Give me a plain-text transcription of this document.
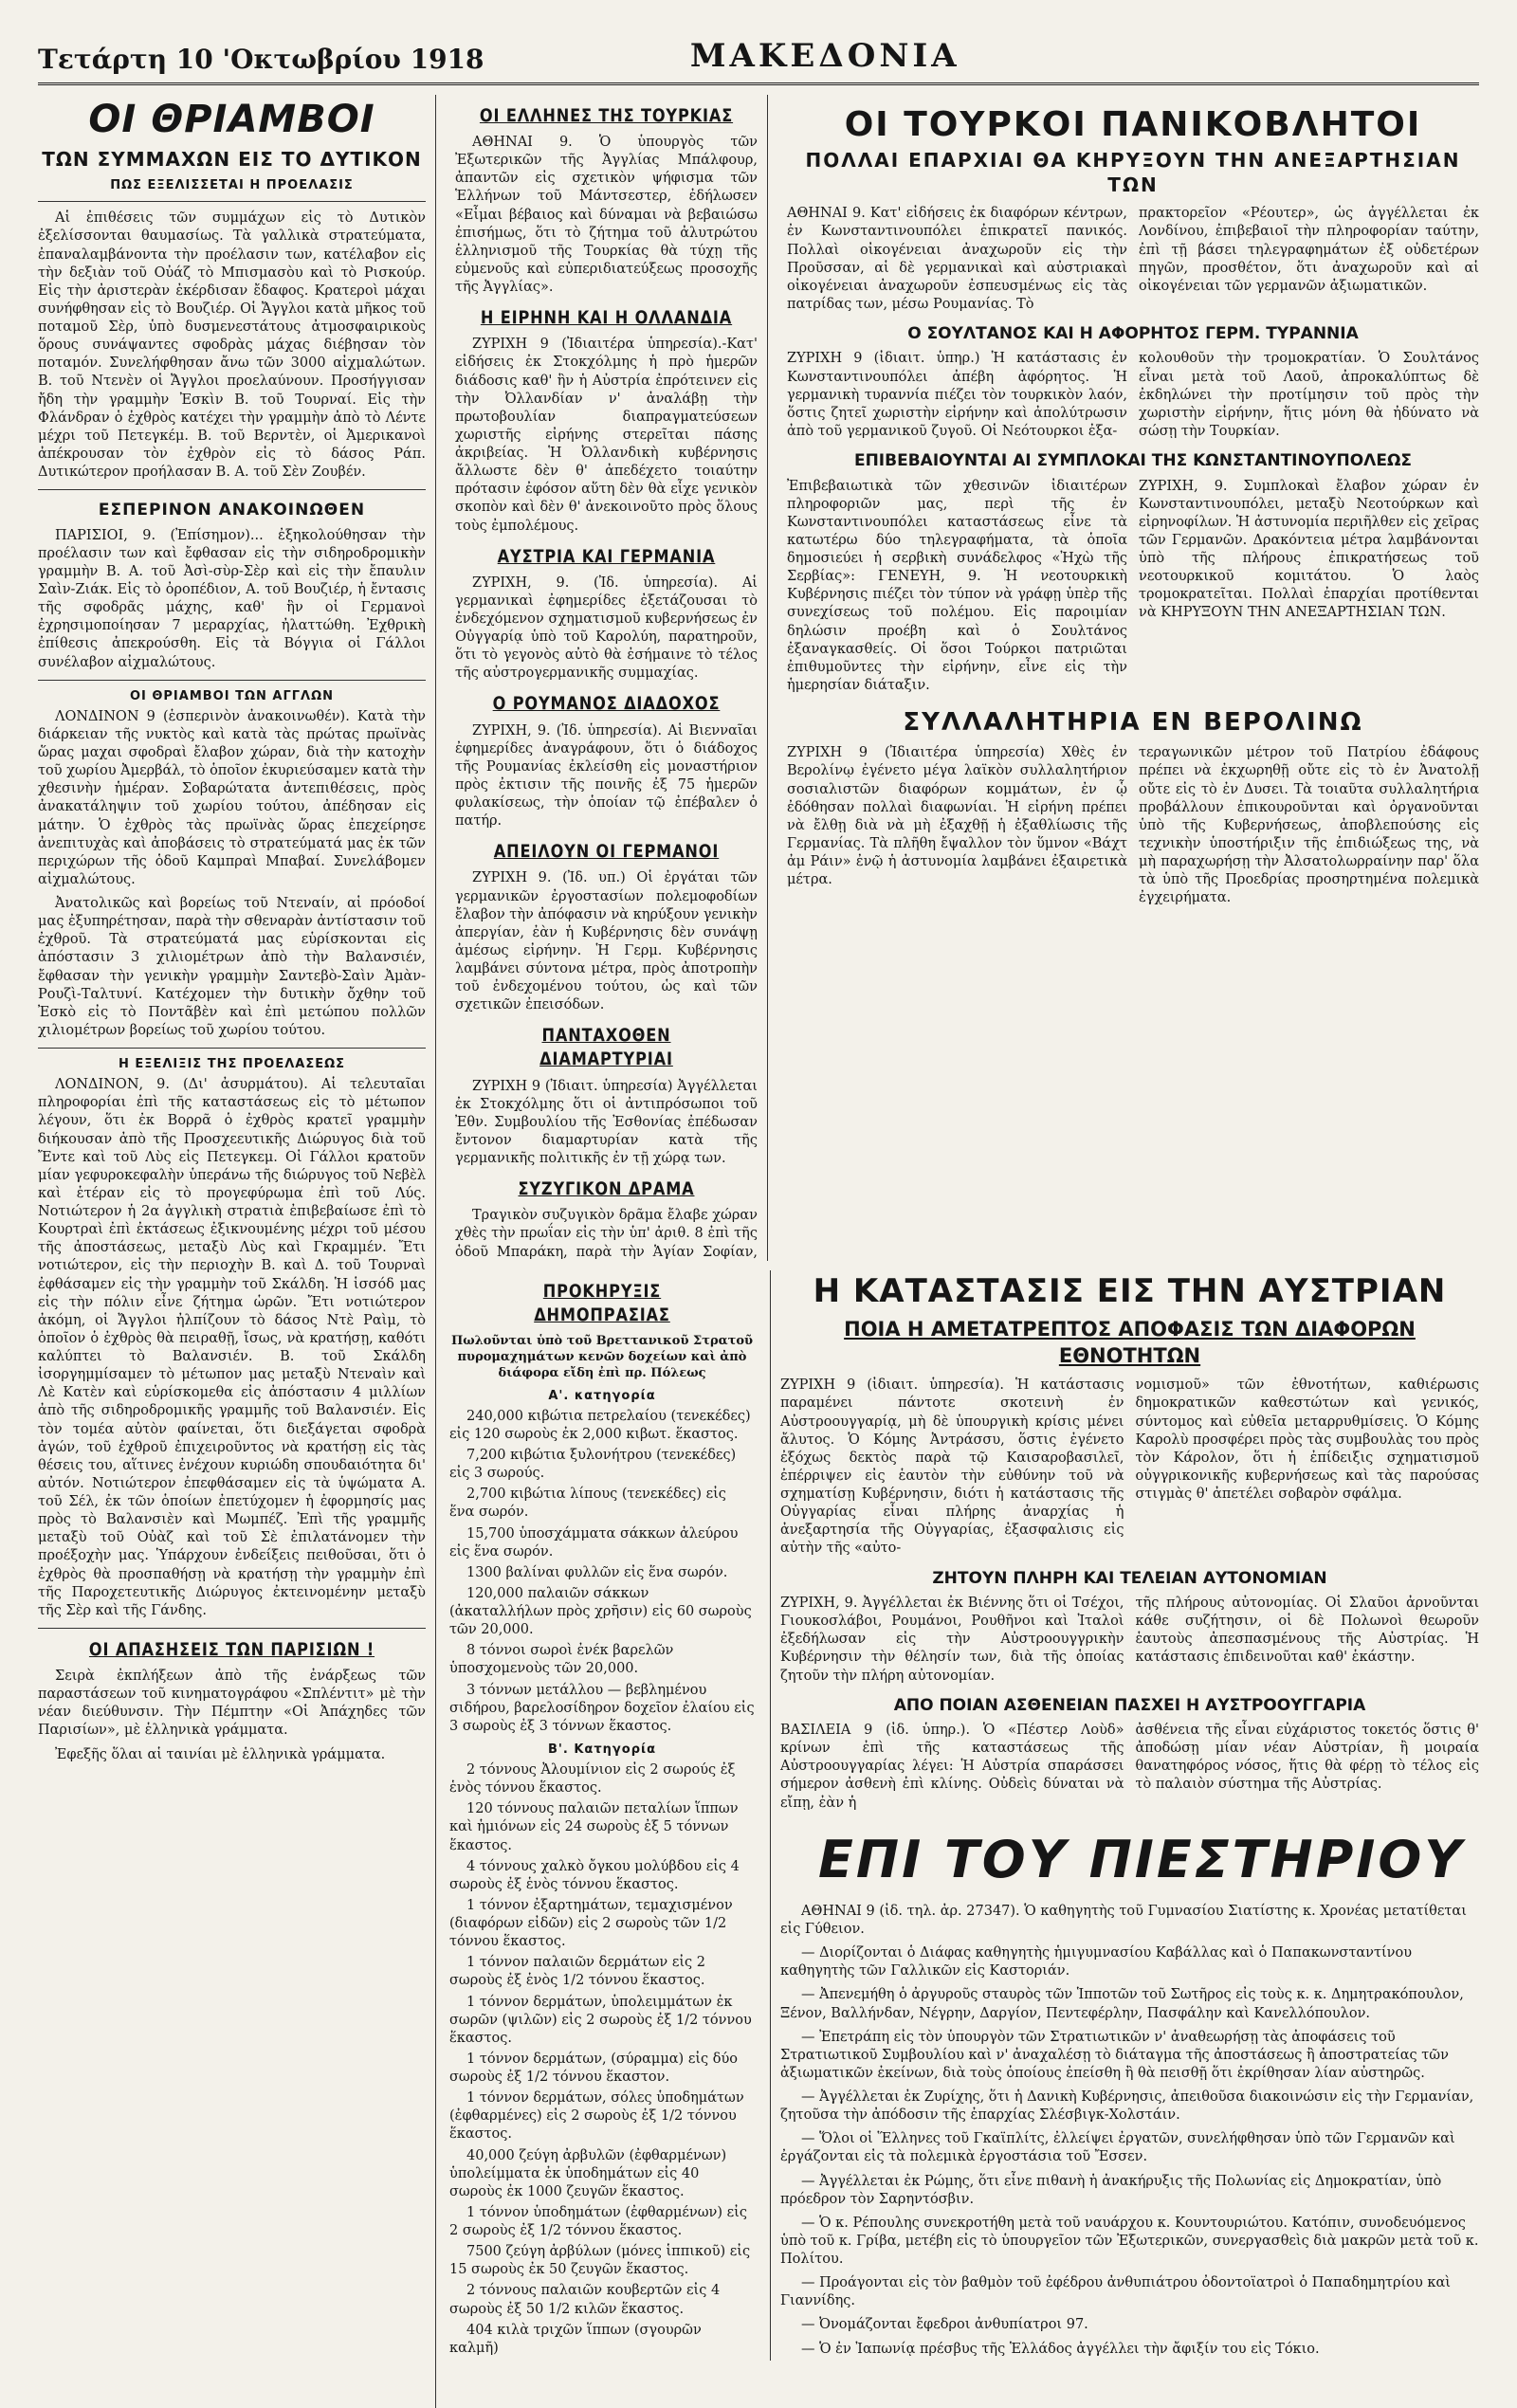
Τετάρτη 10 'Οκτωβρίου 1918	ΜΑΚΕΔΟΝΙΑ
ΟΙ ΘΡΙΑΜΒΟΙ
ΤΩΝ ΣΥΜΜΑΧΩΝ ΕΙΣ ΤΟ ΔΥΤΙΚΟΝ
ΠΩΣ ΕΞΕΛΙΣΣΕΤΑΙ Η ΠΡΟΕΛΑΣΙΣ

Αἱ ἐπιθέσεις τῶν συμμάχων εἰς τὸ Δυτικὸν ἐξελίσσονται θαυμασίως. Τὰ γαλλικὰ στρατεύματα, ἐπαναλαμβάνοντα τὴν προέλασιν των, κατέλαβον εἰς τὴν δεξιὰν τοῦ Οὐάζ τὸ Μπισμασὸυ καὶ τὸ Ρισκούρ. Εἰς τὴν ἀριστερὰν ἐκέρδισαν ἔδαφος. Κρατεροὶ μάχαι συνήφθησαν εἰς τὸ Βουζιέρ. Οἱ Ἄγγλοι κατὰ μῆκος τοῦ ποταμοῦ Σὲρ, ὑπὸ δυσμενεστάτους ἀτμοσφαιρικοὺς ὅρους συνάψαντες σφοδρὰς μάχας διέβησαν τὸν ποταμόν. Συνελήφθησαν ἄνω τῶν 3000 αἰχμαλώτων. Β. τοῦ Ντενὲν οἱ Ἄγγλοι προελαύνουν. Προσήγγισαν ἤδη τὴν γραμμὴν Ἐσκὶν Β. τοῦ Τουρναί. Εἰς τὴν Φλάνδραν ὁ ἐχθρὸς κατέχει τὴν γραμμὴν ἀπὸ τὸ Λέντε μέχρι τοῦ Πετεγκέμ. Β. τοῦ Βερντὲν, οἱ Ἀμερικανοὶ ἀπέκρουσαν τὸν ἐχθρὸν εἰς τὸ δάσος Ράπ. Δυτικώτερον προήλασαν Β. Α. τοῦ Σὲν Ζουβέν.

ΕΣΠΕΡΙΝΟΝ ΑΝΑΚΟΙΝΩΘΕΝ

ΠΑΡΙΣΙΟΙ, 9. (Ἐπίσημον)... ἐξηκολούθησαν τὴν προέλασιν των καὶ ἔφθασαν εἰς τὴν σιδηροδρομικὴν γραμμὴν Β. Α. τοῦ Ἀσὶ-σὺρ-Σὲρ καὶ εἰς τὴν ἔπαυλιν Σαὶν-Ζιάκ. Εἰς τὸ ὀροπέδιον, Α. τοῦ Βουζιέρ, ἡ ἔντασις τῆς σφοδρᾶς μάχης, καθ' ἣν οἱ Γερμανοὶ ἐχρησιμοποίησαν 7 μεραρχίας, ἠλαττώθη. Ἐχθρικὴ ἐπίθεσις ἀπεκρούσθη. Εἰς τὰ Βόγγια οἱ Γάλλοι συνέλαβον αἰχμαλώτους.

ΟΙ ΘΡΙΑΜΒΟΙ ΤΩΝ ΑΓΓΛΩΝ

ΛΟΝΔΙΝΟΝ 9 (ἑσπερινὸν ἀνακοινωθέν). Κατὰ τὴν διάρκειαν τῆς νυκτὸς καὶ κατὰ τὰς πρώτας πρωϊνὰς ὥρας μαχαι σφοδραὶ ἔλαβον χώραν, διὰ τὴν κατοχὴν τοῦ χωρίου Ἀμερβάλ, τὸ ὁποῖον ἐκυριεύσαμεν κατὰ τὴν χθεσινὴν ἡμέραν. Σοβαρώτατα ἀντεπιθέσεις, πρὸς ἀνακατάληψιν τοῦ χωρίου τούτου, ἀπέδησαν εἰς μάτην. Ὁ ἐχθρὸς τὰς πρωϊνὰς ὥρας ἐπεχείρησε ἀνεπιτυχὰς καὶ ἀποβάσεις τὸ στρατεύματά μας ἐκ τῶν περιχώρων τῆς ὁδοῦ Καμπραὶ Μπαβαί. Συνελάβομεν αἰχμαλώτους.

Ἀνατολικῶς καὶ βορείως τοῦ Ντεναίν, αἱ πρόοδοί μας ἐξυπηρέτησαν, παρὰ τὴν σθεναρὰν ἀντίστασιν τοῦ ἐχθροῦ. Τὰ στρατεύματά μας εὑρίσκονται εἰς ἀπόστασιν 3 χιλιομέτρων ἀπὸ τὴν Βαλανσιέν, ἔφθασαν τὴν γενικὴν γραμμὴν Σαντεβὸ-Σαὶν Ἀμὰν-Ρουζὶ-Ταλτυνί. Κατέχομεν τὴν δυτικὴν ὄχθην τοῦ Ἐσκὸ εἰς τὸ Ποντᾶβὲν καὶ ἐπὶ μετώπου πολλῶν χιλιομέτρων βορείως τοῦ χωρίου τούτου.

Η ΕΞΕΛΙΞΙΣ ΤΗΣ ΠΡΟΕΛΑΣΕΩΣ

ΛΟΝΔΙΝΟΝ, 9. (Δι' ἀσυρμάτου). Αἱ τελευταῖαι πληροφορίαι ἐπὶ τῆς καταστάσεως εἰς τὸ μέτωπον λέγουν, ὅτι ἐκ Βορρᾶ ὁ ἐχθρὸς κρατεῖ γραμμὴν διήκουσαν ἀπὸ τῆς Προσχεευτικῆς Διώρυγος διὰ τοῦ Ἔντε καὶ τοῦ Λὺς εἰς Πετεγκεμ. Οἱ Γάλλοι κρατοῦν μίαν γεφυροκεφαλὴν ὑπεράνω τῆς διώρυγος τοῦ Νεβὲλ καὶ ἑτέραν εἰς τὸ προγεφύρωμα ἐπὶ τοῦ Λύς. Νοτιώτερον ἡ 2α ἀγγλικὴ στρατιὰ ἐπιβεβαίωσε ἐπὶ τὸ Κουρτραὶ ἐπὶ ἐκτάσεως ἐξικνουμένης μέχρι τοῦ μέσου τῆς ἀποστάσεως, μεταξὺ Λὺς καὶ Γκραμμέν. Ἔτι νοτιώτερον, εἰς τὴν περιοχὴν Β. καὶ Δ. τοῦ Τουρναὶ ἐφθάσαμεν εἰς τὴν γραμμὴν τοῦ Σκάλδη. Ἡ ἱσσόδ μας εἰς τὴν πόλιν εἶνε ζήτημα ὡρῶν. Ἔτι νοτιώτερον ἀκόμη, οἱ Ἄγγλοι ἠλπίζουν τὸ δάσος Ντὲ Ραὶμ, τὸ ὁποῖον ὁ ἐχθρὸς θὰ πειραθῇ, ἴσως, νὰ κρατήσῃ, καθότι καλύπτει τὸ Βαλανσιέν. Β. τοῦ Σκάλδη ἰσοργημμίσαμεν τὸ μέτωπον μας μεταξὺ Ντεναὶν καὶ Λὲ Κατὲν καὶ εὑρίσκομεθα εἰς ἀπόστασιν 4 μιλλίων ἀπὸ τῆς σιδηροδρομικῆς γραμμῆς τοῦ Βαλανσιέν. Εἰς τὸν τομέα αὐτὸν φαίνεται, ὅτι διεξάγεται σφοδρὰ ἀγών, τοῦ ἐχθροῦ ἐπιχειροῦντος νὰ κρατήσῃ εἰς τὰς θέσεις του, αἵτινες ἐνέχουν κυριώδη σπουδαιότητα δι' αὐτόν. Νοτιώτερον ἐπεφθάσαμεν εἰς τὰ ὑψώματα Α. τοῦ Σέλ, ἐκ τῶν ὁποίων ἐπετύχομεν ἡ ἐφορμησίς μας πρὸς τὸ Βαλανσιὲν καὶ Μωμπέζ. Ἐπὶ τῆς γραμμῆς μεταξὺ τοῦ Οὐὰζ καὶ τοῦ Σὲ ἐπιλατάνομεν τὴν προέξοχὴν μας. Ὑπάρχουν ἐνδείξεις πειθοῦσαι, ὅτι ὁ ἐχθρὸς θὰ προσπαθήσῃ νὰ κρατήσῃ τὴν γραμμὴν ἐπὶ τῆς Παροχετευτικῆς Διώρυγος ἐκτεινομένην μεταξὺ τῆς Σὲρ καὶ τῆς Γάνδης.

ΟΙ ΑΠΑΣΗΣΕΙΣ ΤΩΝ ΠΑΡΙΣΙΩΝ !

Σειρὰ ἐκπλήξεων ἀπὸ τῆς ἐνάρξεως τῶν παραστάσεων τοῦ κινηματογράφου «Σπλέντιτ» μὲ τὴν νέαν διεύθυνσιν. Τὴν Πέμπτην «Οἱ Ἀπάχηδες τῶν Παρισίων», μὲ ἑλληνικὰ γράμματα.

Ἐφεξῆς ὅλαι αἱ ταινίαι μὲ ἑλληνικὰ γράμματα.

ΟΙ ΕΛΛΗΝΕΣ ΤΗΣ ΤΟΥΡΚΙΑΣ

ΑΘΗΝΑΙ 9. Ὁ ὑπουργὸς τῶν Ἐξωτερικῶν τῆς Ἀγγλίας Μπάλφουρ, ἀπαντῶν εἰς σχετικὸν ψήφισμα τῶν Ἑλλήνων τοῦ Μάντσεστερ, ἐδήλωσεν «Εἶμαι βέβαιος καὶ δύναμαι νὰ βεβαιώσω ἐπισήμως, ὅτι τὸ ζήτημα τοῦ ἀλυτρώτου ἑλληνισμοῦ τῆς Τουρκίας θὰ τύχῃ τῆς εὐμενοῦς καὶ εὐπεριδιατεύξεως προσοχῆς τῆς Ἀγγλίας».

Η ΕΙΡΗΝΗ ΚΑΙ Η ΟΛΛΑΝΔΙΑ

ΖΥΡΙΧΗ 9 (Ἰδιαιτέρα ὑπηρεσία).-Κατ' εἰδήσεις ἐκ Στοκχόλμης ἡ πρὸ ἡμερῶν διάδοσις καθ' ἣν ἡ Αὐστρία ἐπρότεινεν εἰς τὴν Ὀλλανδίαν ν' ἀναλάβῃ τὴν πρωτοβουλίαν διαπραγματεύσεων χωριστῆς εἰρήνης στερεῖται πάσης ἀκριβείας. Ἡ Ὀλλανδικὴ κυβέρνησις ἄλλωστε δὲν θ' ἀπεδέχετο τοιαύτην πρότασιν ἐφόσον αὕτη δὲν θὰ εἶχε γενικὸν σκοπὸν καὶ δὲν θ' ἀνεκοινοῦτο πρὸς ὅλους τοὺς ἐμπολέμους.

ΑΥΣΤΡΙΑ ΚΑΙ ΓΕΡΜΑΝΙΑ

ΖΥΡΙΧΗ, 9. (Ἰδ. ὑπηρεσία). Αἱ γερμανικαὶ ἐφημερίδες ἐξετάζουσαι τὸ ἐνδεχόμενον σχηματισμοῦ κυβερνήσεως ἐν Οὐγγαρίᾳ ὑπὸ τοῦ Καρολύη, παρατηροῦν, ὅτι τὸ γεγονὸς αὐτὸ θὰ ἐσήμαινε τὸ τέλος τῆς αὐστρογερμανικῆς συμμαχίας.

Ο ΡΟΥΜΑΝΟΣ ΔΙΑΔΟΧΟΣ

ΖΥΡΙΧΗ, 9. (Ἰδ. ὑπηρεσία). Αἱ Βιενναῖαι ἐφημερίδες ἀναγράφουν, ὅτι ὁ διάδοχος τῆς Ρουμανίας ἐκλείσθη εἰς μοναστήριον πρὸς ἐκτισιν τῆς ποινῆς ἐξ 75 ἡμερῶν φυλακίσεως, τὴν ὁποίαν τῷ ἐπέβαλεν ὁ πατήρ.

ΑΠΕΙΛΟΥΝ ΟΙ ΓΕΡΜΑΝΟΙ

ΖΥΡΙΧΗ 9. (Ἰδ. υπ.) Οἱ ἐργάται τῶν γερμανικῶν ἐργοστασίων πολεμοφοδίων ἔλαβον τὴν ἀπόφασιν νὰ κηρύξουν γενικὴν ἀπεργίαν, ἐὰν ἡ Κυβέρνησις δὲν συνάψῃ ἀμέσως εἰρήνην. Ἡ Γερμ. Κυβέρνησις λαμβάνει σύντονα μέτρα, πρὸς ἀποτροπὴν τοῦ ἐνδεχομένου τούτου, ὡς καὶ τῶν σχετικῶν ἐπεισόδων.

ΠΑΝΤΑΧΟΘΕΝ ΔΙΑΜΑΡΤΥΡΙΑΙ

ΖΥΡΙΧΗ 9 (Ἰδιαιτ. ὑπηρεσία) Ἀγγέλλεται ἐκ Στοκχόλμης ὅτι οἱ ἀντιπρόσωποι τοῦ Ἐθν. Συμβουλίου τῆς Ἐσθονίας ἐπέδωσαν ἔντονον διαμαρτυρίαν κατὰ τῆς γερμανικῆς πολιτικῆς ἐν τῇ χώρᾳ των.

ΣΥΖΥΓΙΚΟΝ ΔΡΑΜΑ

Τραγικὸν συζυγικὸν δρᾶμα ἔλαβε χώραν χθὲς τὴν πρωΐαν εἰς τὴν ὑπ' ἀριθ. 8 ἐπὶ τῆς ὁδοῦ Μπαράκη, παρὰ τὴν Ἁγίαν Σοφίαν,

ΟΙ ΤΟΥΡΚΟΙ ΠΑΝΙΚΟΒΛΗΤΟΙ
ΠΟΛΛΑΙ ΕΠΑΡΧΙΑΙ ΘΑ ΚΗΡΥΞΟΥΝ ΤΗΝ ΑΝΕΞΑΡΤΗΣΙΑΝ ΤΩΝ
ΑΘΗΝΑΙ 9. Κατ' εἰδήσεις ἐκ διαφόρων κέντρων, ἐν Κωνσταντινουπόλει ἐπικρατεῖ πανικός. Πολλαὶ οἰκογένειαι ἀναχωροῦν εἰς τὴν Προῦσσαν, αἱ δὲ γερμανικαὶ καὶ αὐστριακαὶ οἰκογένειαι ἀναχωροῦν ἐσπευσμένως εἰς τὰς πατρίδας των, μέσω Ρουμανίας. Τὸ
πρακτορεῖον «Ρέουτερ», ὡς ἀγγέλλεται ἐκ Λονδίνου, ἐπιβεβαιοῖ τὴν πληροφορίαν ταύτην, ἐπὶ τῇ βάσει τηλεγραφημάτων ἐξ οὐδετέρων πηγῶν, προσθέτον, ὅτι ἀναχωροῦν καὶ αἱ οἰκογένειαι τῶν γερμανῶν ἀξιωματικῶν.
Ο ΣΟΥΛΤΑΝΟΣ ΚΑΙ Η ΑΦΟΡΗΤΟΣ ΓΕΡΜ. ΤΥΡΑΝΝΙΑ
ΖΥΡΙΧΗ 9 (ἰδιαιτ. ὑπηρ.) Ἡ κατάστασις ἐν Κωνσταντινουπόλει ἀπέβη ἀφόρητος. Ἡ γερμανικὴ τυραννία πιέζει τὸν τουρκικὸν λαόν, ὅστις ζητεῖ χωριστὴν εἰρήνην καὶ ἀπολύτρωσιν ἀπὸ τοῦ γερμανικοῦ ζυγοῦ. Οἱ Νεότουρκοι ἐξα-
κολουθοῦν τὴν τρομοκρατίαν. Ὁ Σουλτάνος εἶναι μετὰ τοῦ Λαοῦ, ἀπροκαλύπτως δὲ ἐκδηλώνει τὴν προτίμησιν τοῦ πρὸς τὴν χωριστὴν εἰρήνην, ἥτις μόνη θὰ ἠδύνατο νὰ σώσῃ τὴν Τουρκίαν.
ΕΠΙΒΕΒΑΙΟΥΝΤΑΙ ΑΙ ΣΥΜΠΛΟΚΑΙ ΤΗΣ ΚΩΝΣΤΑΝΤΙΝΟΥΠΟΛΕΩΣ
Ἐπιβεβαιωτικὰ τῶν χθεσινῶν ἰδιαιτέρων πληροφοριῶν μας, περὶ τῆς ἐν Κωνσταντινουπόλει καταστάσεως εἶνε τὰ κατωτέρω δύο τηλεγραφήματα, τὰ ὁποῖα δημοσιεύει ἡ σερβικὴ συνάδελφος «Ἠχὼ τῆς Σερβίας»: ΓΕΝΕΥΗ, 9. Ἡ νεοτουρκικὴ Κυβέρνησις πιέζει τὸν τύπον νὰ γράφῃ ὑπὲρ τῆς συνεχίσεως τοῦ πολέμου. Εἰς παροιμίαν δηλώσιν προέβη καὶ ὁ Σουλτάνος ἐξαναγκασθείς. Οἱ ὅσοι Τούρκοι πατριῶται ἐπιθυμοῦντες τὴν εἰρήνην, εἶνε εἰς τὴν ἡμερησίαν διάταξιν.
ΖΥΡΙΧΗ, 9. Συμπλοκαὶ ἔλαβον χώραν ἐν Κωνσταντινουπόλει, μεταξὺ Νεοτούρκων καὶ εἰρηνοφίλων. Ἡ ἀστυνομία περιῆλθεν εἰς χεῖρας τῶν Γερμανῶν. Δρακόντεια μέτρα λαμβάνονται ὑπὸ τῆς πλήρους ἐπικρατήσεως τοῦ νεοτουρκικοῦ κομιτάτου. Ὁ λαὸς τρομοκρατεῖται. Πολλαὶ ἐπαρχίαι προτίθενται νὰ ΚΗΡΥΞΟΥΝ ΤΗΝ ΑΝΕΞΑΡΤΗΣΙΑΝ ΤΩΝ.
ΣΥΛΛΑΛΗΤΗΡΙΑ ΕΝ ΒΕΡΟΛΙΝΩ
ΖΥΡΙΧΗ 9 (Ἰδιαιτέρα ὑπηρεσία) Χθὲς ἐν Βερολίνῳ ἐγένετο μέγα λαϊκὸν συλλαλητήριον σοσιαλιστῶν διαφόρων κομμάτων, ἐν ᾧ ἐδόθησαν πολλαὶ διαφωνίαι. Ἡ εἰρήνη πρέπει νὰ ἔλθῃ διὰ νὰ μὴ ἐξαχθῇ ἡ ἐξαθλίωσις τῆς Γερμανίας. Τὰ πλῆθη ἔψαλλον τὸν ὕμνον «Βάχτ ἀμ Ράιν» ἐνῷ ἡ ἀστυνομία λαμβάνει ἐξαιρετικὰ μέτρα.
τεραγωνικῶν μέτρον τοῦ Πατρίου ἐδάφους πρέπει νὰ ἐκχωρηθῇ οὔτε εἰς τὸ ἐν Ἀνατολῇ οὔτε εἰς τὸ ἐν Δυσει. Τὰ τοιαῦτα συλλαλητήρια προβάλλουν ἐπικουροῦνται καὶ ὀργανοῦνται ὑπὸ τῆς Κυβερνήσεως, ἀποβλεπούσης εἰς τεχνικὴν ὑποστήριξιν τῆς ἐπιδιώξεως της, νὰ μὴ παραχωρήσῃ τὴν Ἀλσατολωρραίνην παρ' ὅλα τὰ ὑπὸ τῆς Προεδρίας προσηρτημένα πολεμικὰ ἐγχειρήματα.
ΠΡΟΚΗΡΥΞΙΣ ΔΗΜΟΠΡΑΣΙΑΣ

Πωλοῦνται ὑπὸ τοῦ Βρεττανικοῦ Στρατοῦ πυρομαχημάτων κενῶν δοχείων καὶ ἀπὸ διάφορα εἴδη ἐπὶ πρ. Πόλεως

Α'. κατηγορία

240,000 κιβώτια πετρελαίου (τενεκέδες) εἰς 120 σωροὺς ἐκ 2,000 κιβωτ. ἕκαστος.

7,200 κιβώτια ξυλονήτρου (τενεκέδες) εἰς 3 σωρούς.

2,700 κιβώτια λίπους (τενεκέδες) εἰς ἕνα σωρόν.

15,700 ὑποσχάμματα σάκκων ἀλεύρου εἰς ἕνα σωρόν.

1300 βαλίναι φυλλῶν εἰς ἕνα σωρόν.

120,000 παλαιῶν σάκκων (ἀκαταλλήλων πρὸς χρῆσιν) εἰς 60 σωροὺς τῶν 20,000.

8 τόννοι σωροὶ ἐνέκ βαρελῶν ὑποσχομενοὺς τῶν 20,000.

3 τόννων μετάλλου — βεβλημένου σιδήρου, βαρελοσίδηρον δοχεῖον ἐλαίου εἰς 3 σωροὺς ἐξ 3 τόννων ἕκαστος.

Β'. Κατηγορία

2 τόννους Ἀλουμίνιον εἰς 2 σωρούς ἐξ ἑνὸς τόννου ἕκαστος.

120 τόννους παλαιῶν πεταλίων ἵππων καὶ ἡμιόνων εἰς 24 σωροὺς ἐξ 5 τόννων ἕκαστος.

4 τόννους χαλκὸ ὄγκου μολύβδου εἰς 4 σωροὺς ἐξ ἑνὸς τόννου ἕκαστος.

1 τόννον ἐξαρτημάτων, τεμαχισμένον (διαφόρων εἰδῶν) εἰς 2 σωροὺς τῶν 1/2 τόννου ἕκαστος.

1 τόννον παλαιῶν δερμάτων εἰς 2 σωροὺς ἐξ ἑνὸς 1/2 τόννου ἕκαστος.

1 τόννον δερμάτων, ὑπολειμμάτων ἐκ σωρῶν (ψιλῶν) εἰς 2 σωροὺς ἐξ 1/2 τόννου ἕκαστος.

1 τόννον δερμάτων, (σύραμμα) εἰς δύο σωροὺς ἐξ 1/2 τόννου ἕκαστον.

1 τόννον δερμάτων, σόλες ὑποδημάτων (ἐφθαρμένες) εἰς 2 σωροὺς ἐξ 1/2 τόννου ἕκαστος.

40,000 ζεύγη ἀρβυλῶν (ἐφθαρμένων) ὑπολείμματα ἐκ ὑποδημάτων εἰς 40 σωροὺς ἐκ 1000 ζευγῶν ἕκαστος.

1 τόννον ὑποδημάτων (ἐφθαρμένων) εἰς 2 σωροὺς ἐξ 1/2 τόννου ἕκαστος.

7500 ζεύγη ἀρβύλων (μόνες ἱππικοῦ) εἰς 15 σωροὺς ἐκ 50 ζευγῶν ἕκαστος.

2 τόννους παλαιῶν κουβερτῶν εἰς 4 σωροὺς ἐξ 50 1/2 κιλῶν ἕκαστος.

404 κιλὰ τριχῶν ἵππων (σγουρῶν καλμῆ)

Η ΚΑΤΑΣΤΑΣΙΣ ΕΙΣ ΤΗΝ ΑΥΣΤΡΙΑΝ
ΠΟΙΑ Η ΑΜΕΤΑΤΡΕΠΤΟΣ ΑΠΟΦΑΣΙΣ ΤΩΝ ΔΙΑΦΟΡΩΝ ΕΘΝΟΤΗΤΩΝ
ΖΥΡΙΧΗ 9 (ἰδιαιτ. ὑπηρεσία). Ἡ κατάστασις παραμένει πάντοτε σκοτεινὴ ἐν Αὐστροουγγαρίᾳ, μὴ δὲ ὑπουργικὴ κρίσις μένει ἄλυτος. Ὁ Κόμης Ἀντράσσυ, ὅστις ἐγένετο ἐξόχως δεκτὸς παρὰ τῷ Καισαροβασιλεῖ, ἐπέρριψεν εἰς ἑαυτὸν τὴν εὐθύνην τοῦ νὰ σχηματίσῃ Κυβέρνησιν, διότι ἡ κατάστασις τῆς Οὐγγαρίας εἶναι πλήρης ἀναρχίας ἡ ἀνεξαρτησία τῆς Οὐγγαρίας, ἐξασφαλισις εἰς αὐτὴν τῆς «αὐτο-
νομισμοῦ» τῶν ἐθνοτήτων, καθιέρωσις δημοκρατικῶν καθεστώτων καὶ γενικός, σύντομος καὶ εὐθεῖα μεταρρυθμίσεις. Ὁ Κόμης Καρολὺ προσφέρει πρὸς τὰς συμβουλὰς του πρὸς τὸν Κάρολον, ὅτι ἡ ἐπίδειξις σχηματισμοῦ οὐγγρικονικῆς κυβερνήσεως καὶ τὰς παρούσας στιγμὰς θ' ἀπετέλει σοβαρὸν σφάλμα.
ΖΗΤΟΥΝ ΠΛΗΡΗ ΚΑΙ ΤΕΛΕΙΑΝ ΑΥΤΟΝΟΜΙΑΝ
ΖΥΡΙΧΗ, 9. Ἀγγέλλεται ἐκ Βιέννης ὅτι οἱ Τσέχοι, Γιουκοσλάβοι, Ρουμάνοι, Ρουθῆνοι καὶ Ἰταλοὶ ἐξεδήλωσαν εἰς τὴν Αὐστροουγγρικὴν Κυβέρνησιν τὴν θέλησίν των, διὰ τῆς ὁποίας ζητοῦν τὴν πλήρη αὐτονομίαν.
τῆς πλήρους αὐτονομίας. Οἱ Σλαῦοι ἀρνοῦνται κάθε συζήτησιν, οἱ δὲ Πολωνοὶ θεωροῦν ἑαυτοὺς ἀπεσπασμένους τῆς Αὐστρίας. Ἡ κατάστασις ἐπιδεινοῦται καθ' ἑκάστην.
ΑΠΟ ΠΟΙΑΝ ΑΣΘΕΝΕΙΑΝ ΠΑΣΧΕΙ Η ΑΥΣΤΡΟΟΥΓΓΑΡΙΑ
ΒΑΣΙΛΕΙΑ 9 (ἰδ. ὑπηρ.). Ὁ «Πέστερ Λοὺδ» κρίνων ἐπὶ τῆς καταστάσεως τῆς Αὐστροουγγαρίας λέγει: Ἡ Αὐστρία σπαράσσει σήμερον ἀσθενὴ ἐπὶ κλίνης. Οὐδεὶς δύναται νὰ εἴπῃ, ἐὰν ἡ
ἀσθένεια τῆς εἶναι εὐχάριστος τοκετός ὅστις θ' ἀποδώσῃ μίαν νέαν Αὐστρίαν, ἢ μοιραία θανατηφόρος νόσος, ἥτις θὰ φέρῃ τὸ τέλος εἰς τὸ παλαιὸν σύστημα τῆς Αὐστρίας.
ΕΠΙ ΤΟΥ ΠΙΕΣΤΗΡΙΟΥ

ΑΘΗΝΑΙ 9 (ἰδ. τηλ. ἀρ. 27347). Ὁ καθηγητὴς τοῦ Γυμνασίου Σιατίστης κ. Χρονέας μετατίθεται εἰς Γύθειον.

— Διορίζονται ὁ Διάφας καθηγητὴς ἡμιγυμνασίου Καβάλλας καὶ ὁ Παπακωνσταντίνου καθηγητὴς τῶν Γαλλικῶν εἰς Καστοριάν.

— Ἀπενεμήθη ὁ ἀργυροῦς σταυρὸς τῶν Ἱπποτῶν τοῦ Σωτῆρος εἰς τοὺς κ. κ. Δημητρακόπουλον, Ξένον, Βαλλήνδαν, Νέγρην, Δαργίον, Πεντεφέρλην, Πασφάλην καὶ Κανελλόπουλον.

— Ἐπετράπη εἰς τὸν ὑπουργὸν τῶν Στρατιωτικῶν ν' ἀναθεωρήσῃ τὰς ἀποφάσεις τοῦ Στρατιωτικοῦ Συμβουλίου καὶ ν' ἀναχαλέσῃ τὸ διάταγμα τῆς ἀποστάσεως ἢ ἀποστρατείας τῶν ἀξιωματικῶν ἐκείνων, διὰ τοὺς ὁποίους ἐπείσθη ἢ θὰ πεισθῇ ὅτι ἐκρίθησαν λίαν αὐστηρῶς.

— Ἀγγέλλεται ἐκ Ζυρίχης, ὅτι ἡ Δανικὴ Κυβέρνησις, ἀπειθοῦσα διακοινώσιν εἰς τὴν Γερμανίαν, ζητοῦσα τὴν ἀπόδοσιν τῆς ἐπαρχίας Σλέσβιγκ-Χολστάιν.

— Ὅλοι οἱ Ἕλληνες τοῦ Γκαϊπλίτς, ἐλλείψει ἐργατῶν, συνελήφθησαν ὑπὸ τῶν Γερμανῶν καὶ ἐργάζονται εἰς τὰ πολεμικὰ ἐργοστάσια τοῦ Ἔσσεν.

— Ἀγγέλλεται ἐκ Ρώμης, ὅτι εἶνε πιθανὴ ἡ ἀνακήρυξις τῆς Πολωνίας εἰς Δημοκρατίαν, ὑπὸ πρόεδρον τὸν Σαρηντόσβιν.

— Ὁ κ. Ρέπουλης συνεκροτήθη μετὰ τοῦ ναυάρχου κ. Κουντουριώτου. Κατόπιν, συνοδευόμενος ὑπὸ τοῦ κ. Γρίβα, μετέβη εἰς τὸ ὑπουργεῖον τῶν Ἐξωτερικῶν, συνεργασθεὶς διὰ μακρῶν μετὰ τοῦ κ. Πολίτου.

— Προάγονται εἰς τὸν βαθμὸν τοῦ ἐφέδρου ἀνθυπιάτρου ὀδοντοϊατροὶ ὁ Παπαδημητρίου καὶ Γιαννίδης.

— Ὀνομάζονται ἔφεδροι ἀνθυπίατροι 97.

— Ὁ ἐν Ἰαπωνίᾳ πρέσβυς τῆς Ἑλλάδος ἀγγέλλει τὴν ἄφιξίν του εἰς Τόκιο.
